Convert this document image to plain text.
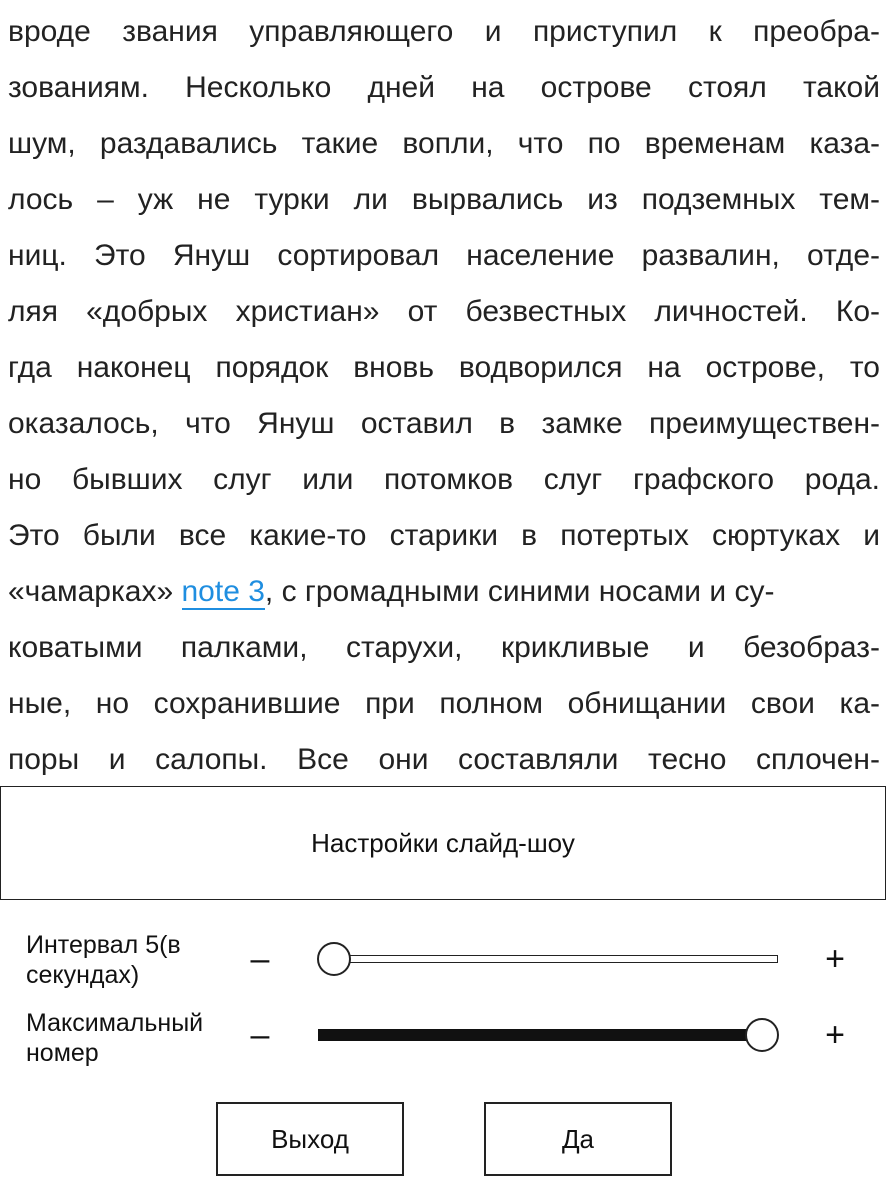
вроде звания управляющего и приступил к преобра-
зованиям. Несколько дней на острове стоял такой
шум, раздавались такие вопли, что по временам каза-
лось – уж не турки ли вырвались из подземных тем-
ниц. Это Януш сортировал население развалин, отде-
ляя «добрых христиан» от безвестных личностей. Ко-
гда наконец порядок вновь водворился на острове, то
оказалось, что Януш оставил в замке преимуществен-
но бывших слуг или потомков слуг графского рода.
Это были все какие-то старики в потертых сюртуках и
«чамарках» note 3, с громадными синими носами и су-
коватыми палками, старухи, крикливые и безобраз-
ные, но сохранившие при полном обнищании свои ка-
поры и салопы. Все они составляли тесно сплочен-
Настройки слайд-шоу
Интервал 5(в секундах)	–	+
Максимальный номер	–	+
Выход	Да
